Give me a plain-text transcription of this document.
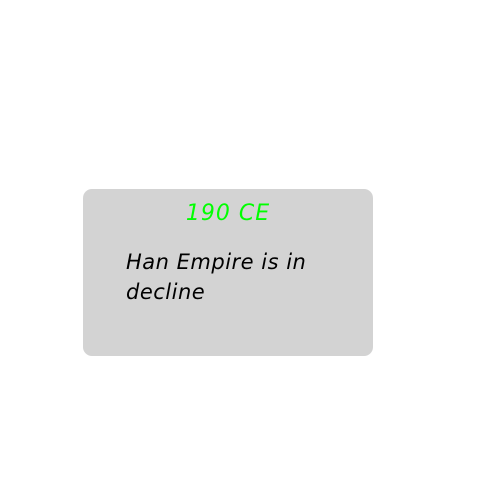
190 CE

Han Empire is in decline
